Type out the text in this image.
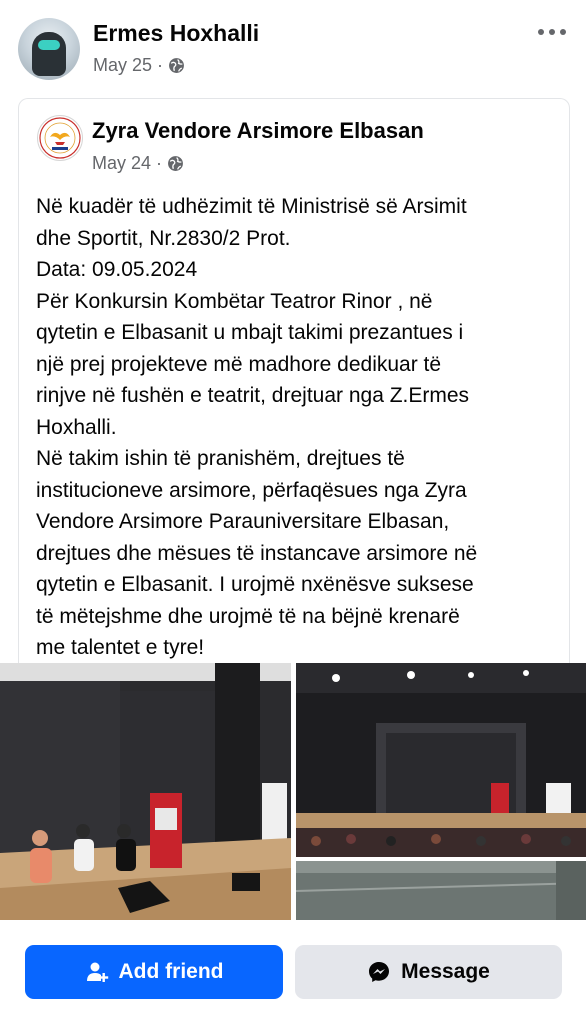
Ermes Hoxhalli
May 25 ·
Zyra Vendore Arsimore Elbasan
May 24 ·
Në kuadër të udhëzimit të Ministrisë së Arsimit
dhe Sportit, Nr.2830/2 Prot.
Data: 09.05.2024
Për Konkursin Kombëtar Teatror Rinor , në
qytetin e Elbasanit u mbajt takimi prezantues i
një prej projekteve më madhore dedikuar të
rinjve në fushën e teatrit, drejtuar nga Z.Ermes
Hoxhalli.
Në takim ishin të pranishëm, drejtues të
institucioneve arsimore, përfaqësues nga Zyra
Vendore Arsimore Parauniversitare Elbasan,
drejtues dhe mësues të instancave arsimore në
qytetin e Elbasanit. I urojmë nxënësve suksese
të mëtejshme dhe urojmë të na bëjnë krenarë
me talentet e tyre!
Add friend	Message
